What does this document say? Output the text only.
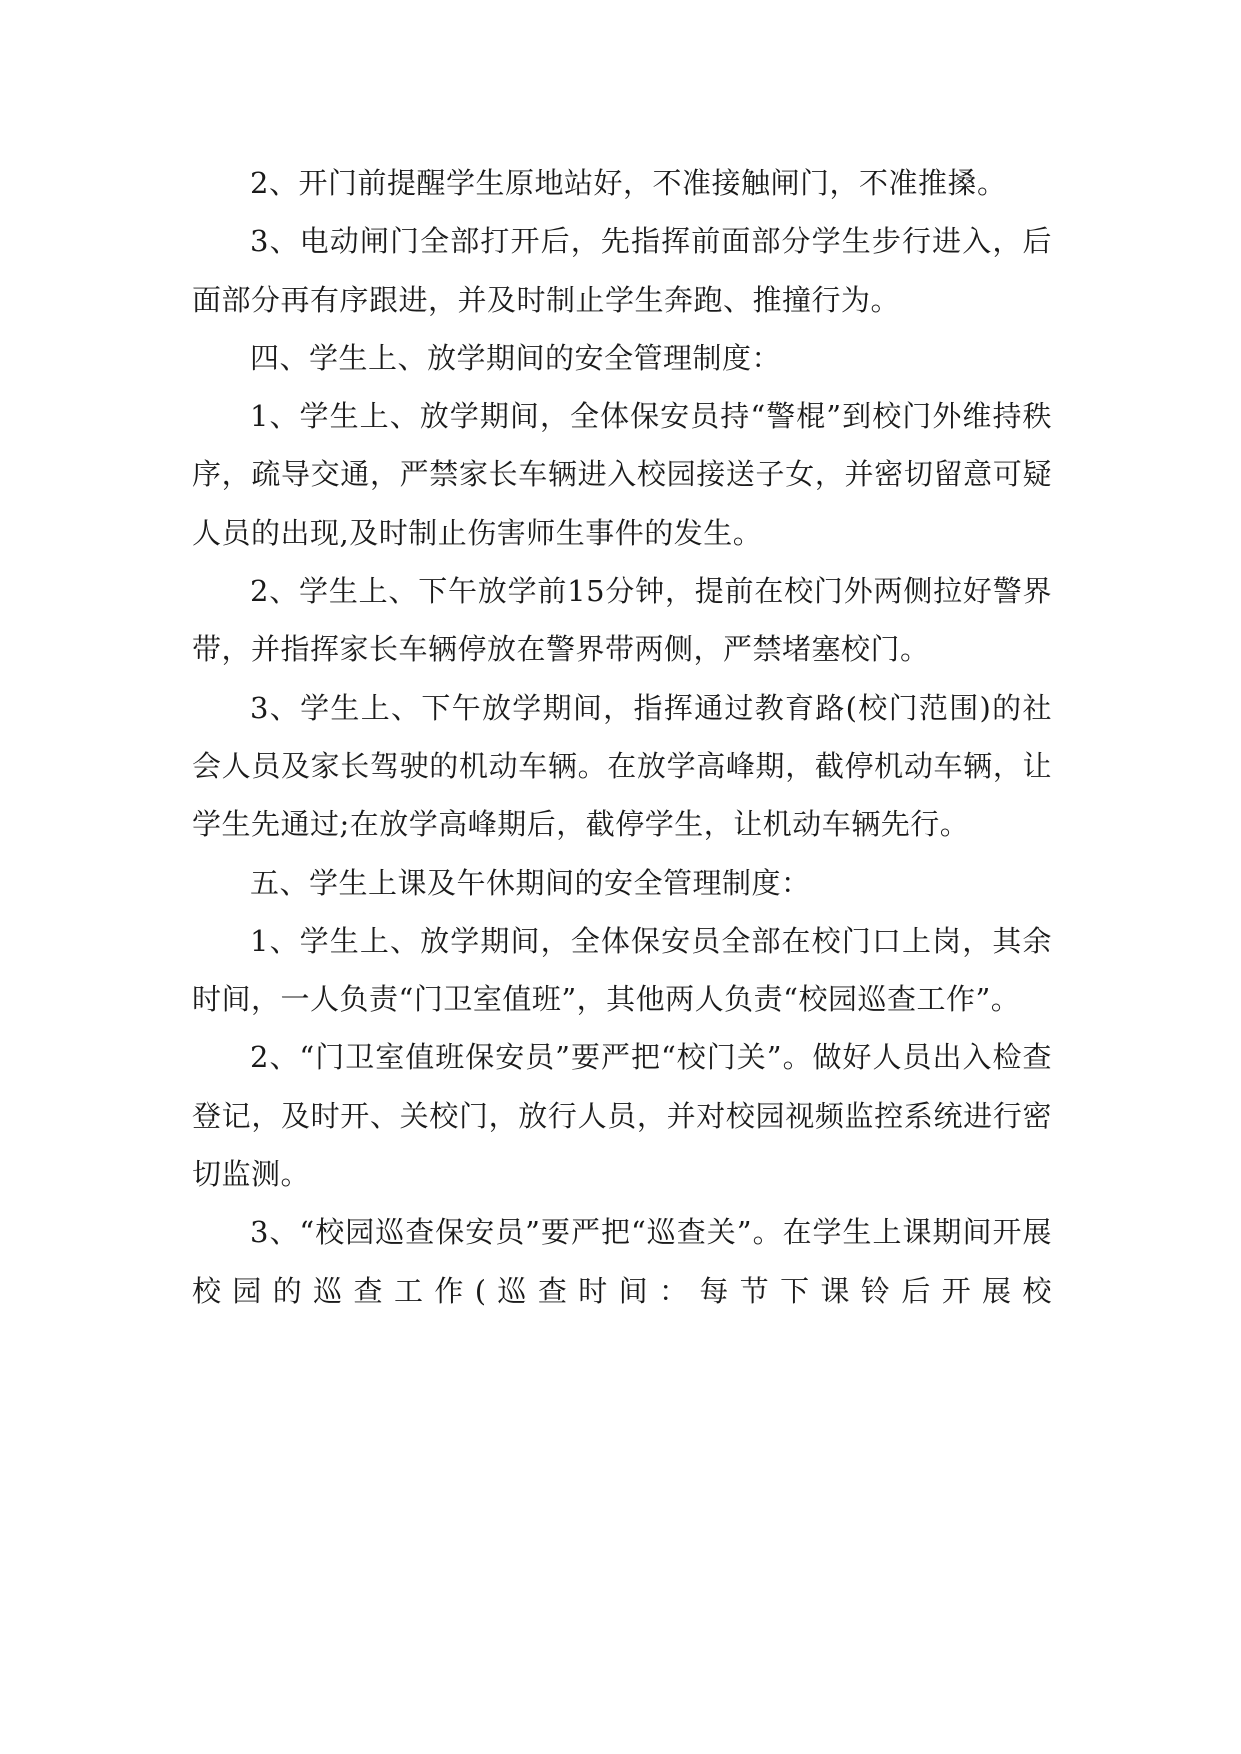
2、开门前提醒学生原地站好，不准接触闸门，不准推搡。

3、电动闸门全部打开后，先指挥前面部分学生步行进入，后面部分再有序跟进，并及时制止学生奔跑、推撞行为。

四、学生上、放学期间的安全管理制度：

1、学生上、放学期间，全体保安员持“警棍”到校门外维持秩序，疏导交通，严禁家长车辆进入校园接送子女，并密切留意可疑人员的出现,及时制止伤害师生事件的发生。

2、学生上、下午放学前15分钟，提前在校门外两侧拉好警界带，并指挥家长车辆停放在警界带两侧，严禁堵塞校门。

3、学生上、下午放学期间，指挥通过教育路(校门范围)的社会人员及家长驾驶的机动车辆。在放学高峰期，截停机动车辆，让学生先通过;在放学高峰期后，截停学生，让机动车辆先行。

五、学生上课及午休期间的安全管理制度：

1、学生上、放学期间，全体保安员全部在校门口上岗，其余时间，一人负责“门卫室值班”，其他两人负责“校园巡查工作”。

2、“门卫室值班保安员”要严把“校门关”。做好人员出入检查登记，及时开、关校门，放行人员，并对校园视频监控系统进行密切监测。

3、“校园巡查保安员”要严把“巡查关”。在学生上课期间开展校园的巡查工作(巡查时间：每节下课铃后开展校
